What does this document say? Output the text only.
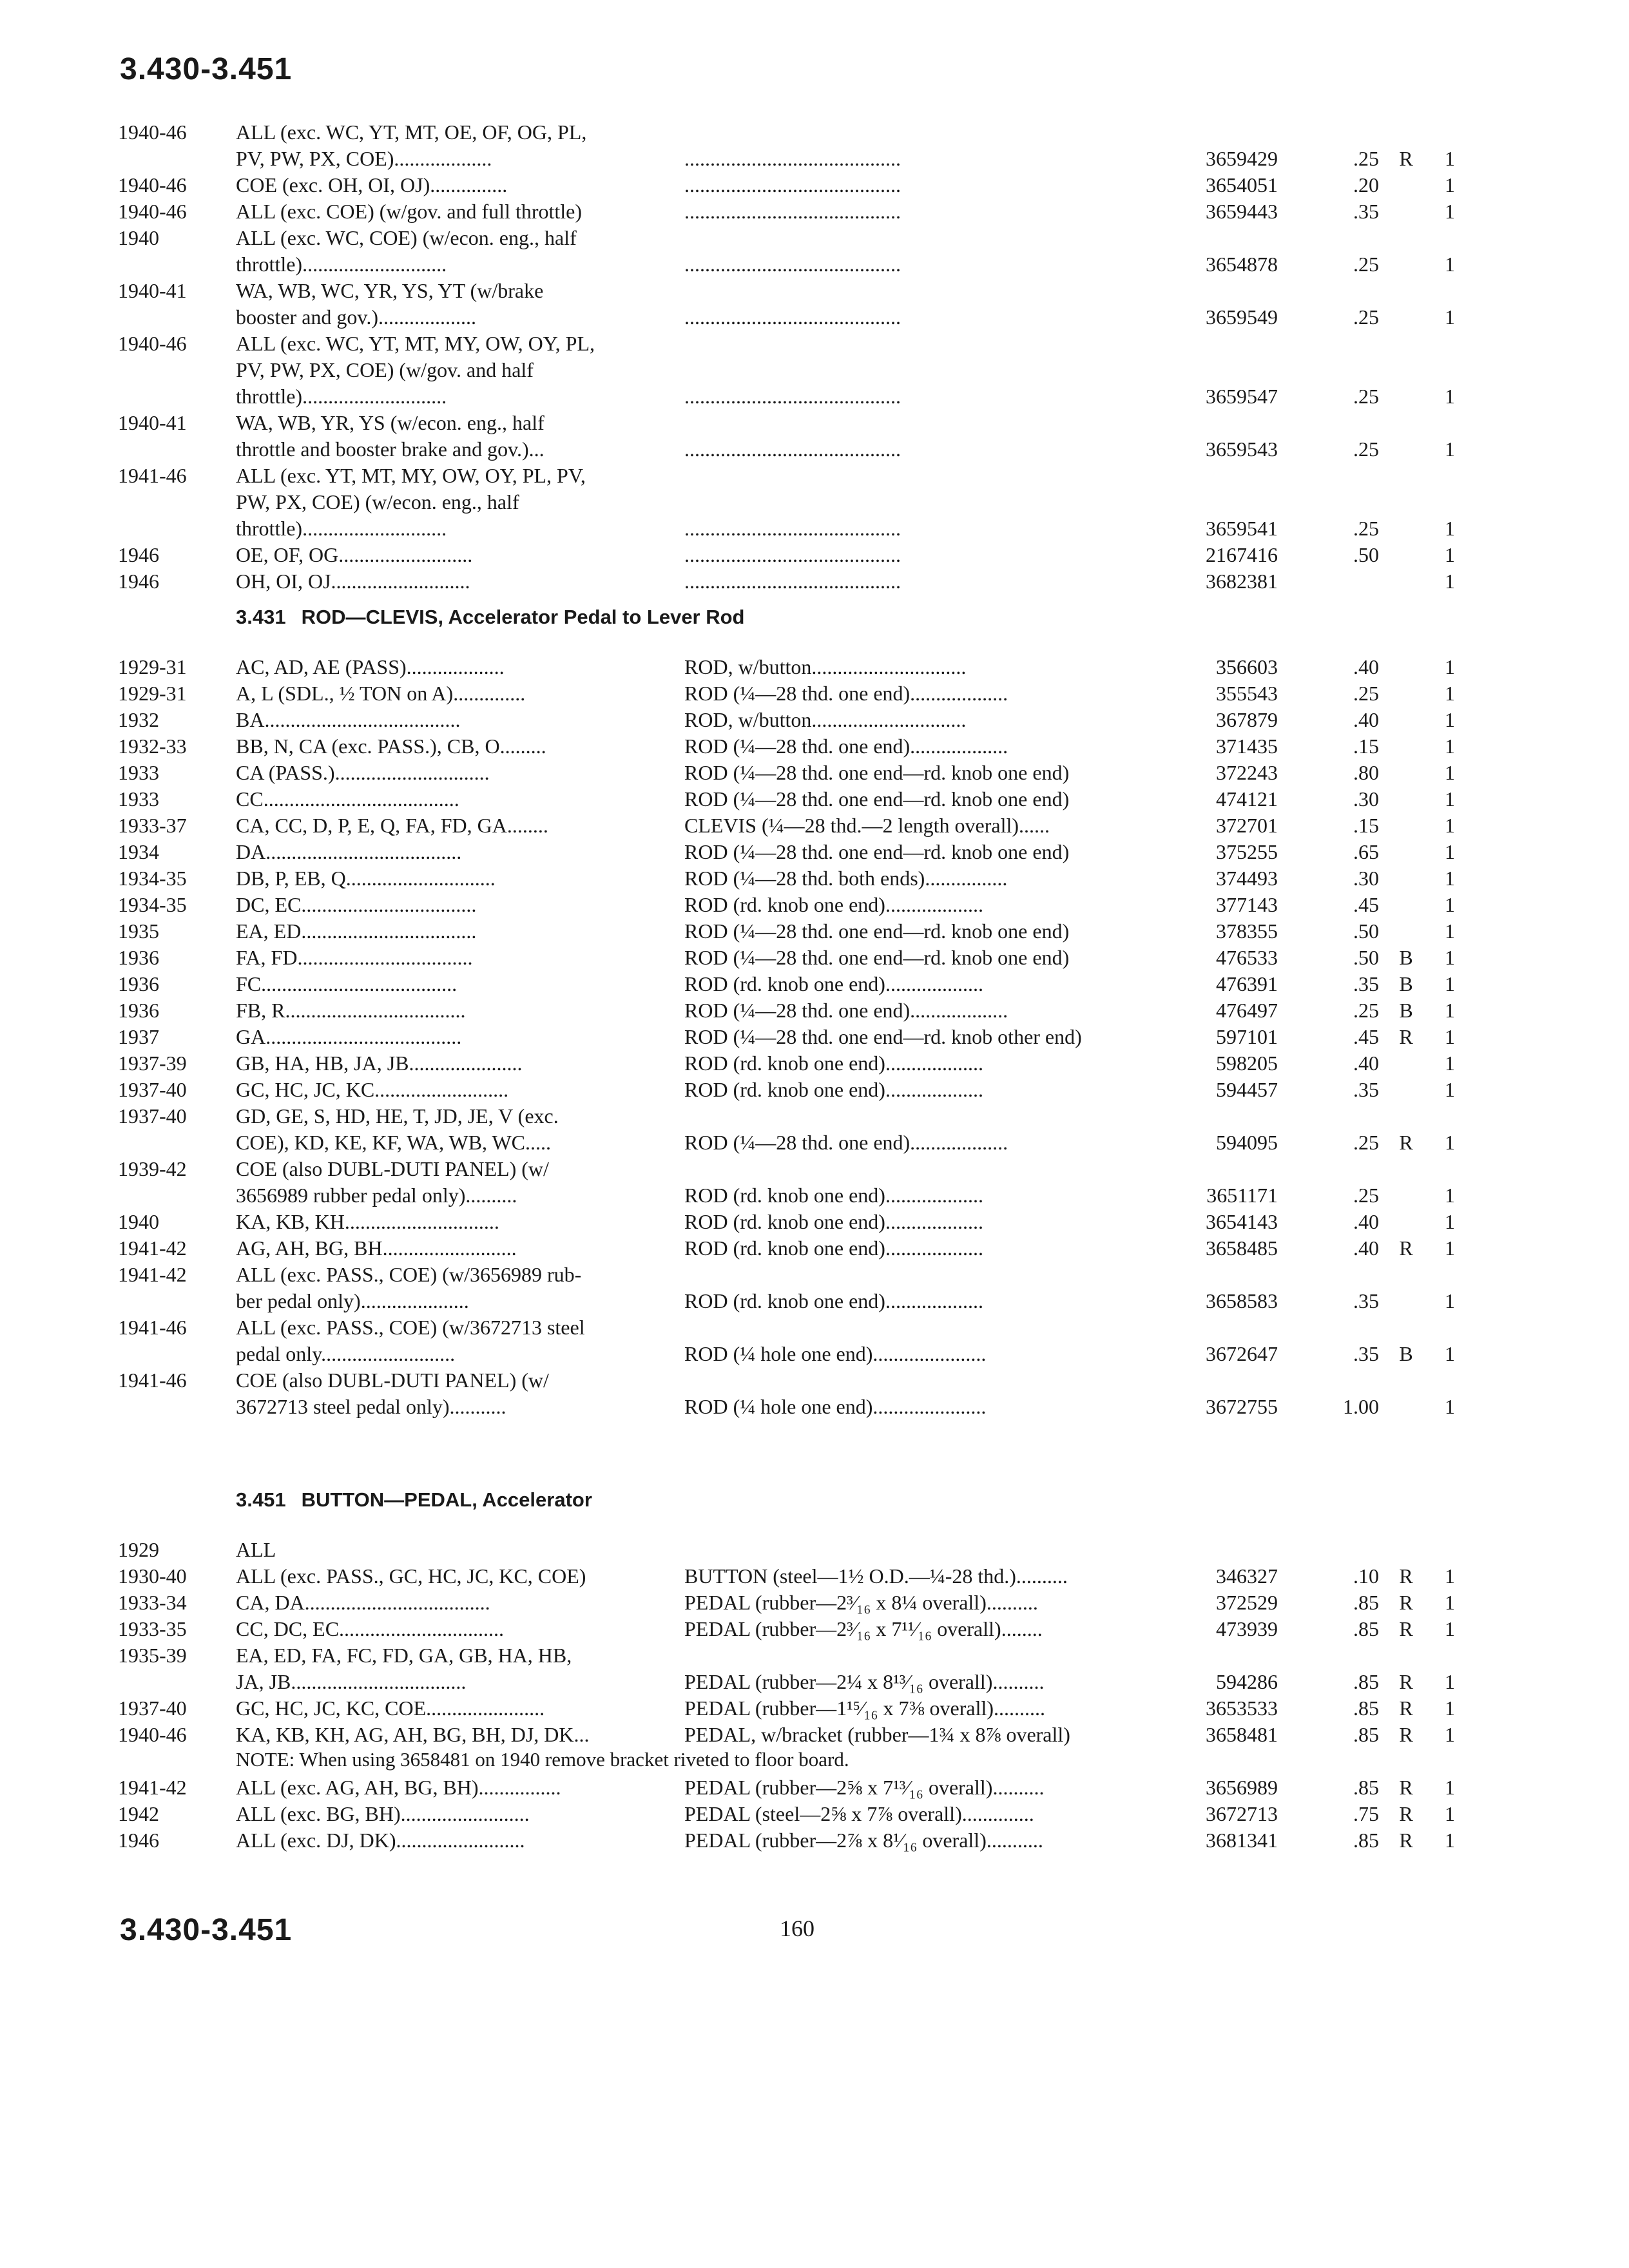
3.430-3.451
1940-46 ALL (exc. WC, YT, MT, OE, OF, OG, PL,
PV, PW, PX, COE)...................	..........................................	3659429	.25 R	1
1940-46 COE (exc. OH, OI, OJ)...............	..........................................	3654051	.20	1
1940-46 ALL (exc. COE) (w/gov. and full throttle)	..........................................	3659443	.35	1
1940	ALL (exc. WC, COE) (w/econ. eng., half
throttle)............................	..........................................	3654878	.25	1
1940-41 WA, WB, WC, YR, YS, YT (w/brake
booster and gov.)...................	..........................................	3659549	.25	1
1940-46 ALL (exc. WC, YT, MT, MY, OW, OY, PL,
PV, PW, PX, COE) (w/gov. and half
throttle)............................	..........................................	3659547	.25	1
1940-41 WA, WB, YR, YS (w/econ. eng., half
throttle and booster brake and gov.)...	..........................................	3659543	.25	1
1941-46 ALL (exc. YT, MT, MY, OW, OY, PL, PV,
PW, PX, COE) (w/econ. eng., half
throttle)............................	..........................................	3659541	.25	1
1946	OE, OF, OG..........................	..........................................	2167416	.50	1
1946	OH, OI, OJ...........................	..........................................	3682381	1
3.431 ROD—CLEVIS, Accelerator Pedal to Lever Rod
1929-31 AC, AD, AE (PASS)...................	ROD, w/button..............................	356603	.40	1
1929-31 A, L (SDL., ½ TON on A)..............	ROD (¼—28 thd. one end)...................	355543	.25	1
1932	BA......................................	ROD, w/button..............................	367879	.40	1
1932-33 BB, N, CA (exc. PASS.), CB, O.........	ROD (¼—28 thd. one end)...................	371435	.15	1
1933	CA (PASS.)..............................	ROD (¼—28 thd. one end—rd. knob one end)	372243	.80	1
1933	CC......................................	ROD (¼—28 thd. one end—rd. knob one end)	474121	.30	1
1933-37 CA, CC, D, P, E, Q, FA, FD, GA........	CLEVIS (¼—28 thd.—2 length overall)......	372701	.15	1
1934	DA......................................	ROD (¼—28 thd. one end—rd. knob one end)	375255	.65	1
1934-35 DB, P, EB, Q.............................	ROD (¼—28 thd. both ends)................	374493	.30	1
1934-35 DC, EC..................................	ROD (rd. knob one end)...................	377143	.45	1
1935	EA, ED..................................	ROD (¼—28 thd. one end—rd. knob one end)	378355	.50	1
1936	FA, FD..................................	ROD (¼—28 thd. one end—rd. knob one end)	476533	.50 B	1
1936	FC......................................	ROD (rd. knob one end)...................	476391	.35 B	1
1936	FB, R...................................	ROD (¼—28 thd. one end)...................	476497	.25 B	1
1937	GA......................................	ROD (¼—28 thd. one end—rd. knob other end)	597101	.45 R	1
1937-39 GB, HA, HB, JA, JB......................	ROD (rd. knob one end)...................	598205	.40	1
1937-40 GC, HC, JC, KC..........................	ROD (rd. knob one end)...................	594457	.35	1
1937-40 GD, GE, S, HD, HE, T, JD, JE, V (exc.
COE), KD, KE, KF, WA, WB, WC.....	ROD (¼—28 thd. one end)...................	594095	.25 R	1
1939-42 COE (also DUBL-DUTI PANEL) (w/
3656989 rubber pedal only)..........	ROD (rd. knob one end)...................	3651171	.25	1
1940	KA, KB, KH..............................	ROD (rd. knob one end)...................	3654143	.40	1
1941-42 AG, AH, BG, BH..........................	ROD (rd. knob one end)...................	3658485	.40 R	1
1941-42 ALL (exc. PASS., COE) (w/3656989 rub-
ber pedal only).....................	ROD (rd. knob one end)...................	3658583	.35	1
1941-46 ALL (exc. PASS., COE) (w/3672713 steel
pedal only..........................	ROD (¼ hole one end)......................	3672647	.35 B	1
1941-46 COE (also DUBL-DUTI PANEL) (w/
3672713 steel pedal only)...........	ROD (¼ hole one end)......................	3672755	1.00	1
3.451 BUTTON—PEDAL, Accelerator
1929	ALL
1930-40 ALL (exc. PASS., GC, HC, JC, KC, COE)	BUTTON (steel—1½ O.D.—¼-28 thd.)..........	346327	.10 R	1
1933-34 CA, DA....................................	PEDAL (rubber—2³⁄₁₆ x 8¼ overall)..........	372529	.85 R	1
1933-35 CC, DC, EC................................	PEDAL (rubber—2³⁄₁₆ x 7¹¹⁄₁₆ overall)........	473939	.85 R	1
1935-39 EA, ED, FA, FC, FD, GA, GB, HA, HB,
JA, JB..................................	PEDAL (rubber—2¼ x 8¹³⁄₁₆ overall)..........	594286	.85 R	1
1937-40 GC, HC, JC, KC, COE.......................	PEDAL (rubber—1¹⁵⁄₁₆ x 7⅜ overall)..........	3653533	.85 R	1
1940-46 KA, KB, KH, AG, AH, BG, BH, DJ, DK...	PEDAL, w/bracket (rubber—1¾ x 8⅞ overall)	3658481	.85 R	1
NOTE: When using 3658481 on 1940 remove bracket riveted to floor board.
1941-42 ALL (exc. AG, AH, BG, BH)................	PEDAL (rubber—2⅝ x 7¹³⁄₁₆ overall)..........	3656989	.85 R	1
1942	ALL (exc. BG, BH).........................	PEDAL (steel—2⅝ x 7⅞ overall)..............	3672713	.75 R	1
1946	ALL (exc. DJ, DK).........................	PEDAL (rubber—2⅞ x 8¹⁄₁₆ overall)...........	3681341	.85 R	1
3.430-3.451	160
